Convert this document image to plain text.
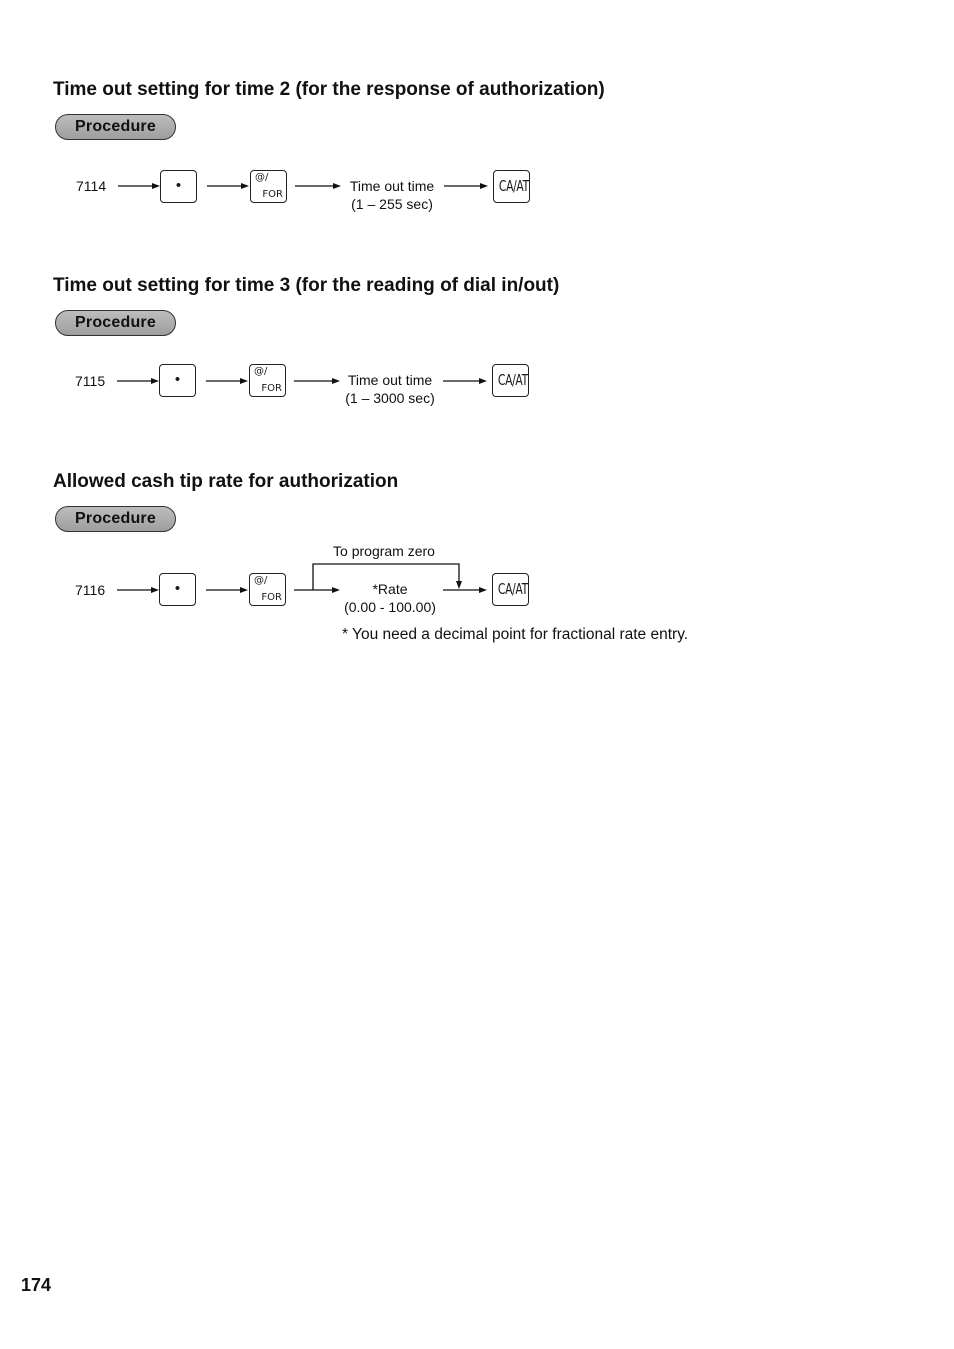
Time out setting for time 2 (for the response of authorization)
Procedure
7114	•	@/
FOR
Time out time
(1 – 255 sec)
CA/AT
Time out setting for time 3 (for the reading of dial in/out)
Procedure
7115	•	@/
FOR
Time out time
(1 – 3000 sec)
CA/AT
Allowed cash tip rate for authorization
Procedure
To program zero
7116	•	@/
FOR
*Rate
(0.00 - 100.00)
CA/AT
* You need a decimal point for fractional rate entry.
174
